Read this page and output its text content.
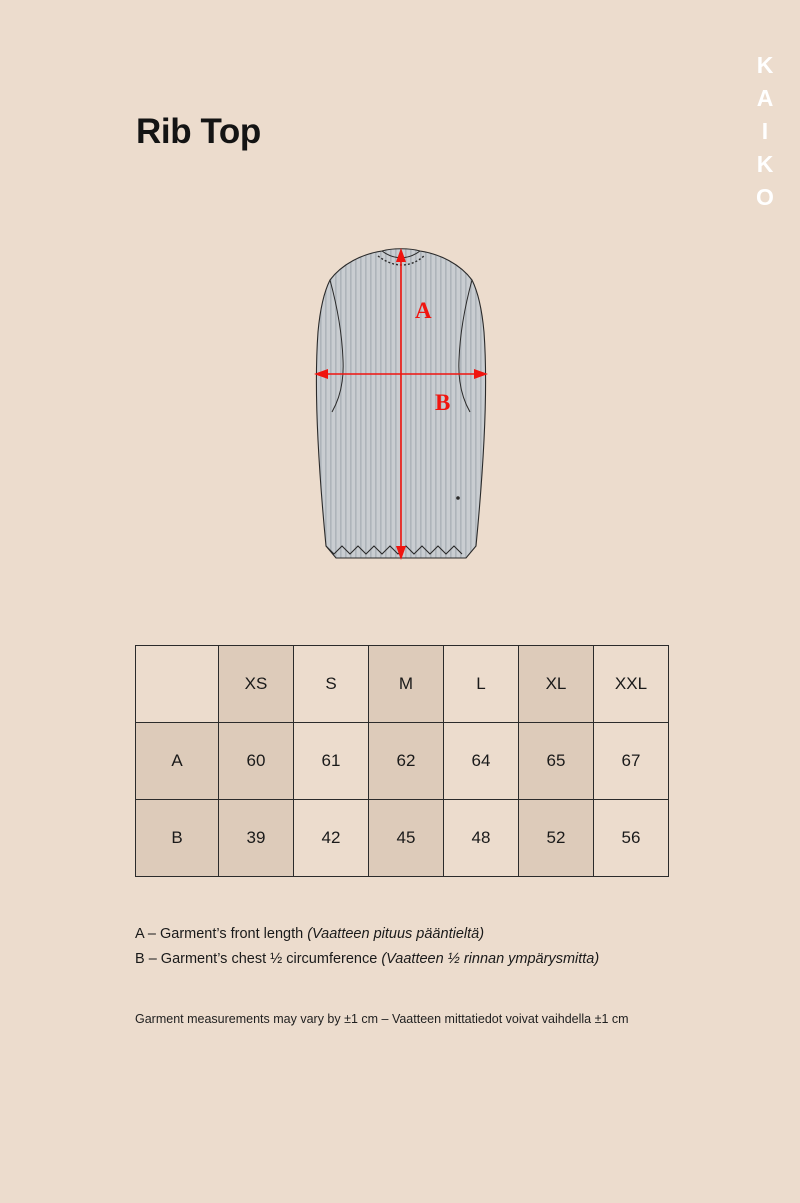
KAIKO
Rib Top
A
B
	XS	S	M	L	XL	XXL
A	60	61	62	64	65	67
B	39	42	45	48	52	56
A – Garment’s front length (Vaatteen pituus pääntieltä)
B – Garment’s chest ½ circumference (Vaatteen ½ rinnan ympärysmitta)
Garment measurements may vary by ±1 cm – Vaatteen mittatiedot voivat vaihdella ±1 cm
